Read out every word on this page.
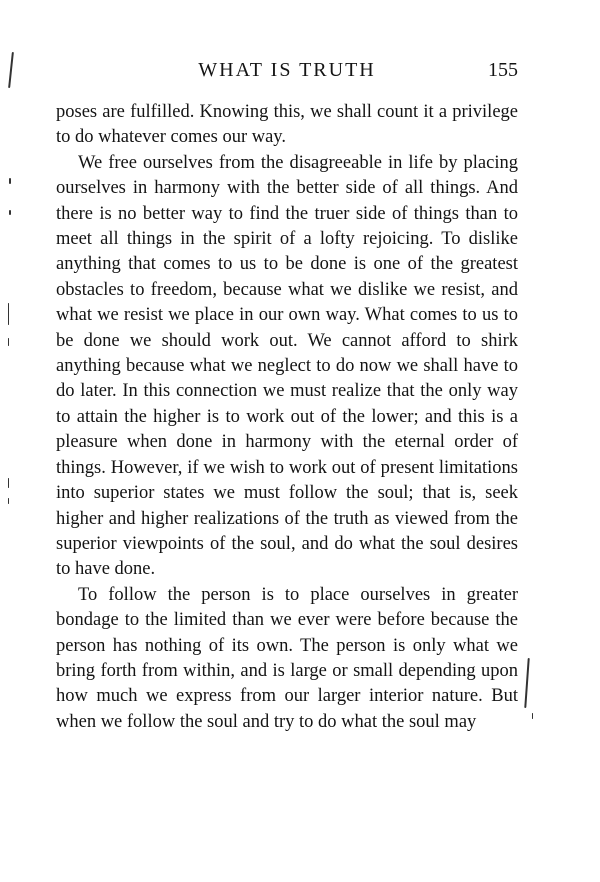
WHAT IS TRUTH	155

poses are fulfilled. Knowing this, we shall count it a privilege to do whatever comes our way.

We free ourselves from the disagreeable in life by placing ourselves in harmony with the better side of all things. And there is no better way to find the truer side of things than to meet all things in the spirit of a lofty rejoicing. To dislike anything that comes to us to be done is one of the greatest obstacles to freedom, because what we dislike we resist, and what we resist we place in our own way. What comes to us to be done we should work out. We cannot afford to shirk anything because what we neglect to do now we shall have to do later. In this connection we must realize that the only way to attain the higher is to work out of the lower; and this is a pleasure when done in harmony with the eternal order of things. However, if we wish to work out of present limitations into superior states we must follow the soul; that is, seek higher and higher realizations of the truth as viewed from the superior viewpoints of the soul, and do what the soul desires to have done.

To follow the person is to place ourselves in greater bondage to the limited than we ever were before because the person has nothing of its own. The person is only what we bring forth from within, and is large or small depending upon how much we express from our larger interior nature. But when we follow the soul and try to do what the soul may
